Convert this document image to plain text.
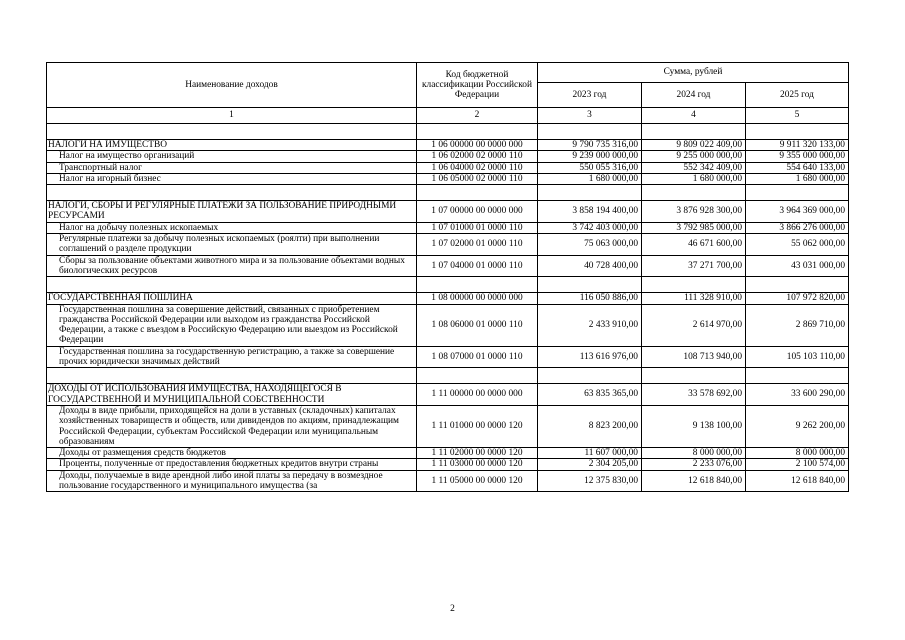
Наименование доходов	Код бюджетной классификации Российской Федерации	Сумма, рублей		
		2023 год	2024 год	2025 год
1	2	3	4	5

НАЛОГИ НА ИМУЩЕСТВО	1 06 00000 00 0000 000	9 790 735 316,00	9 809 022 409,00	9 911 320 133,00
Налог на имущество организаций	1 06 02000 02 0000 110	9 239 000 000,00	9 255 000 000,00	9 355 000 000,00
Транспортный налог	1 06 04000 02 0000 110	550 055 316,00	552 342 409,00	554 640 133,00
Налог на игорный бизнес	1 06 05000 02 0000 110	1 680 000,00	1 680 000,00	1 680 000,00

НАЛОГИ, СБОРЫ И РЕГУЛЯРНЫЕ ПЛАТЕЖИ ЗА ПОЛЬЗОВАНИЕ ПРИРОДНЫМИ РЕСУРСАМИ	1 07 00000 00 0000 000	3 858 194 400,00	3 876 928 300,00	3 964 369 000,00
Налог на добычу полезных ископаемых	1 07 01000 01 0000 110	3 742 403 000,00	3 792 985 000,00	3 866 276 000,00
Регулярные платежи за добычу полезных ископаемых (роялти) при выполнении соглашений о разделе продукции	1 07 02000 01 0000 110	75 063 000,00	46 671 600,00	55 062 000,00
Сборы за пользование объектами животного мира и за пользование объектами водных биологических ресурсов	1 07 04000 01 0000 110	40 728 400,00	37 271 700,00	43 031 000,00

ГОСУДАРСТВЕННАЯ ПОШЛИНА	1 08 00000 00 0000 000	116 050 886,00	111 328 910,00	107 972 820,00
Государственная пошлина за совершение действий, связанных с приобретением гражданства Российской Федерации или выходом из гражданства Российской Федерации, а также с въездом в Российскую Федерацию или выездом из Российской Федерации	1 08 06000 01 0000 110	2 433 910,00	2 614 970,00	2 869 710,00
Государственная пошлина за государственную регистрацию, а также за совершение прочих юридически значимых действий	1 08 07000 01 0000 110	113 616 976,00	108 713 940,00	105 103 110,00

ДОХОДЫ ОТ ИСПОЛЬЗОВАНИЯ ИМУЩЕСТВА, НАХОДЯЩЕГОСЯ В ГОСУДАРСТВЕННОЙ И МУНИЦИПАЛЬНОЙ СОБСТВЕННОСТИ	1 11 00000 00 0000 000	63 835 365,00	33 578 692,00	33 600 290,00
Доходы в виде прибыли, приходящейся на доли в уставных (складочных) капиталах хозяйственных товариществ и обществ, или дивидендов по акциям, принадлежащим Российской Федерации, субъектам Российской Федерации или муниципальным образованиям	1 11 01000 00 0000 120	8 823 200,00	9 138 100,00	9 262 200,00
Доходы от размещения средств бюджетов	1 11 02000 00 0000 120	11 607 000,00	8 000 000,00	8 000 000,00
Проценты, полученные от предоставления бюджетных кредитов внутри страны	1 11 03000 00 0000 120	2 304 205,00	2 233 076,00	2 100 574,00
Доходы, получаемые в виде арендной либо иной платы за передачу в возмездное пользование государственного и муниципального имущества (за	1 11 05000 00 0000 120	12 375 830,00	12 618 840,00	12 618 840,00
2
